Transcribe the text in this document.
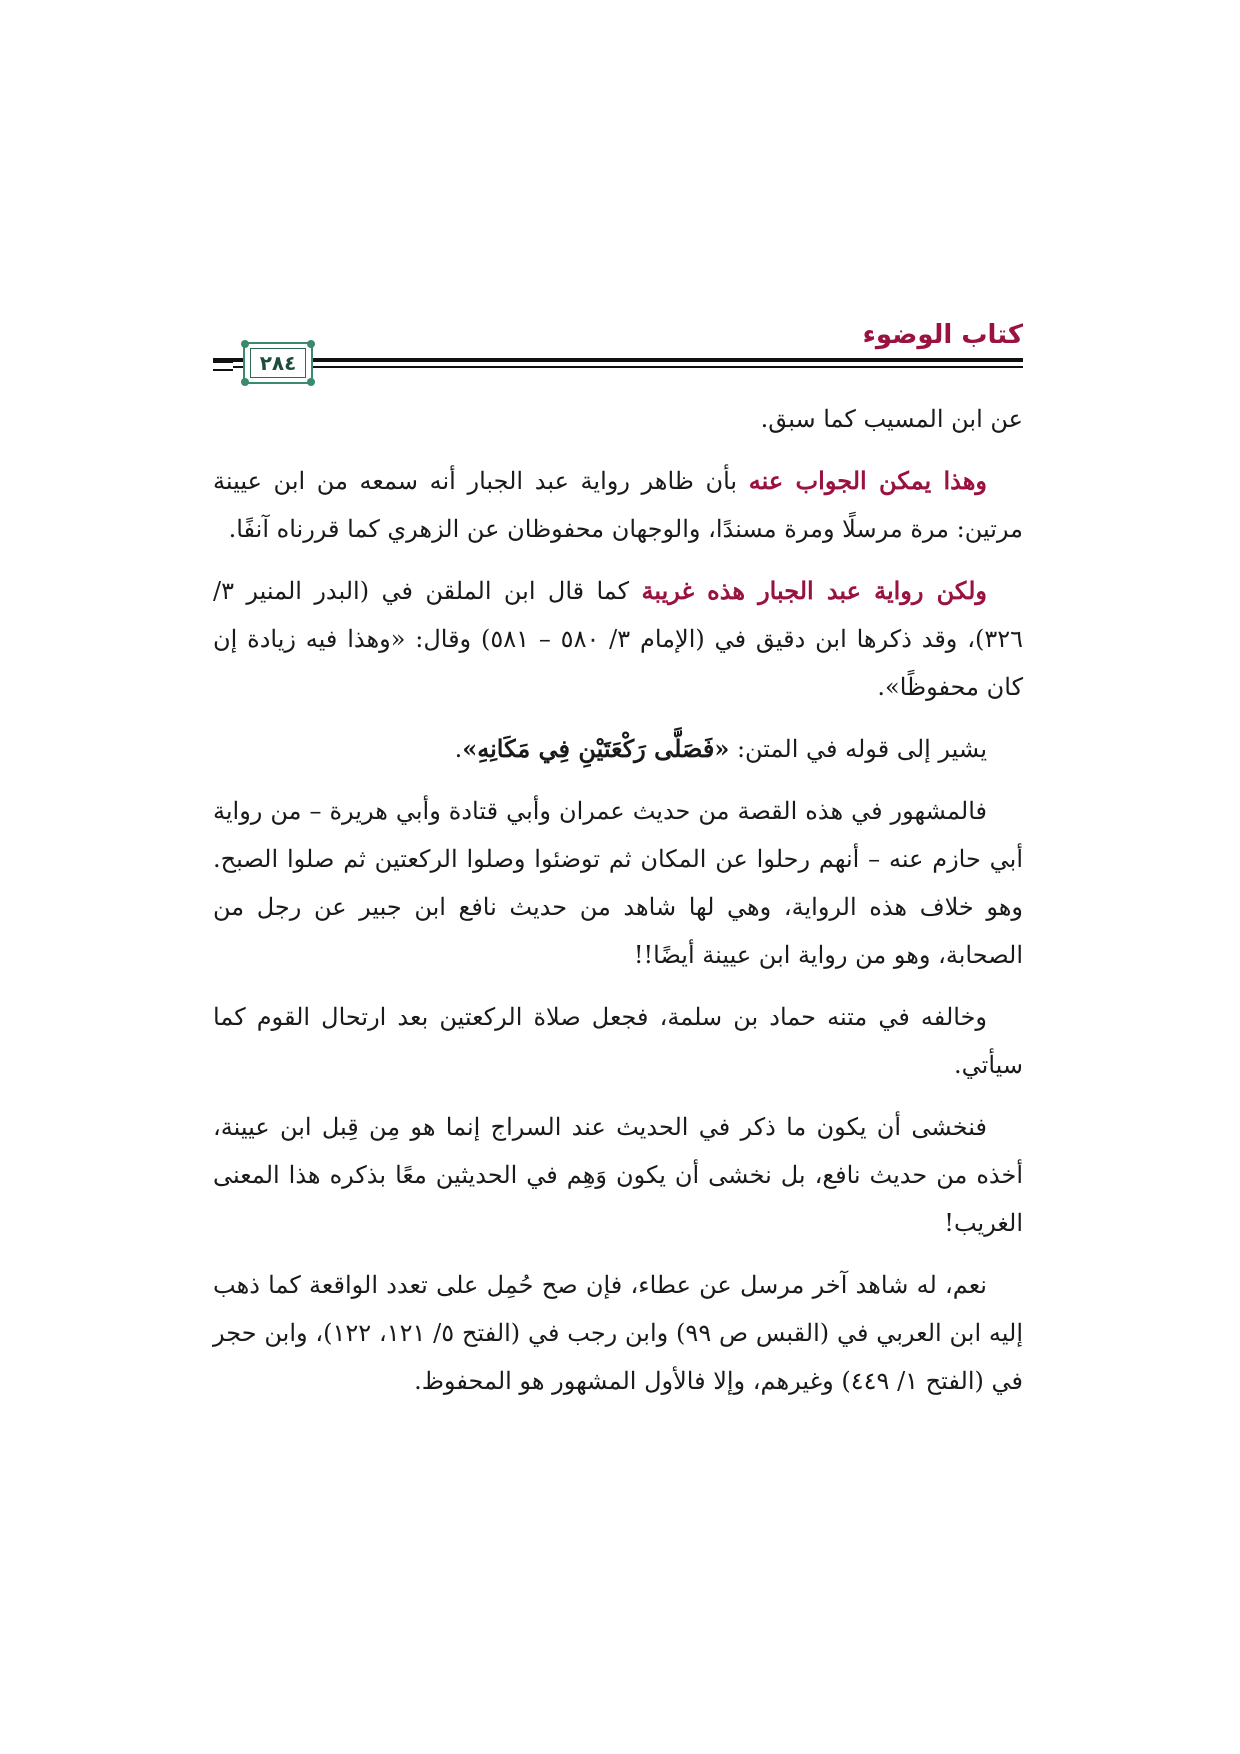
كتاب الوضوء
٢٨٤

عن ابن المسيب كما سبق.

وهذا يمكن الجواب عنه بأن ظاهر رواية عبد الجبار أنه سمعه من ابن عيينة مرتين: مرة مرسلًا ومرة مسندًا، والوجهان محفوظان عن الزهري كما قررناه آنفًا.

ولكن رواية عبد الجبار هذه غريبة كما قال ابن الملقن في (البدر المنير ٣/ ٣٢٦)، وقد ذكرها ابن دقيق في (الإمام ٣/ ٥٨٠ – ٥٨١) وقال: «وهذا فيه زيادة إن كان محفوظًا».

يشير إلى قوله في المتن: «فَصَلَّى رَكْعَتَيْنِ فِي مَكَانِهِ».

فالمشهور في هذه القصة من حديث عمران وأبي قتادة وأبي هريرة – من رواية أبي حازم عنه – أنهم رحلوا عن المكان ثم توضئوا وصلوا الركعتين ثم صلوا الصبح. وهو خلاف هذه الرواية، وهي لها شاهد من حديث نافع ابن جبير عن رجل من الصحابة، وهو من رواية ابن عيينة أيضًا!!

وخالفه في متنه حماد بن سلمة، فجعل صلاة الركعتين بعد ارتحال القوم كما سيأتي.

فنخشى أن يكون ما ذكر في الحديث عند السراج إنما هو مِن قِبل ابن عيينة، أخذه من حديث نافع، بل نخشى أن يكون وَهِم في الحديثين معًا بذكره هذا المعنى الغريب!

نعم، له شاهد آخر مرسل عن عطاء، فإن صح حُمِل على تعدد الواقعة كما ذهب إليه ابن العربي في (القبس ص ٩٩) وابن رجب في (الفتح ٥/ ١٢١، ١٢٢)، وابن حجر في (الفتح ١/ ٤٤٩) وغيرهم، وإلا فالأول المشهور هو المحفوظ.
